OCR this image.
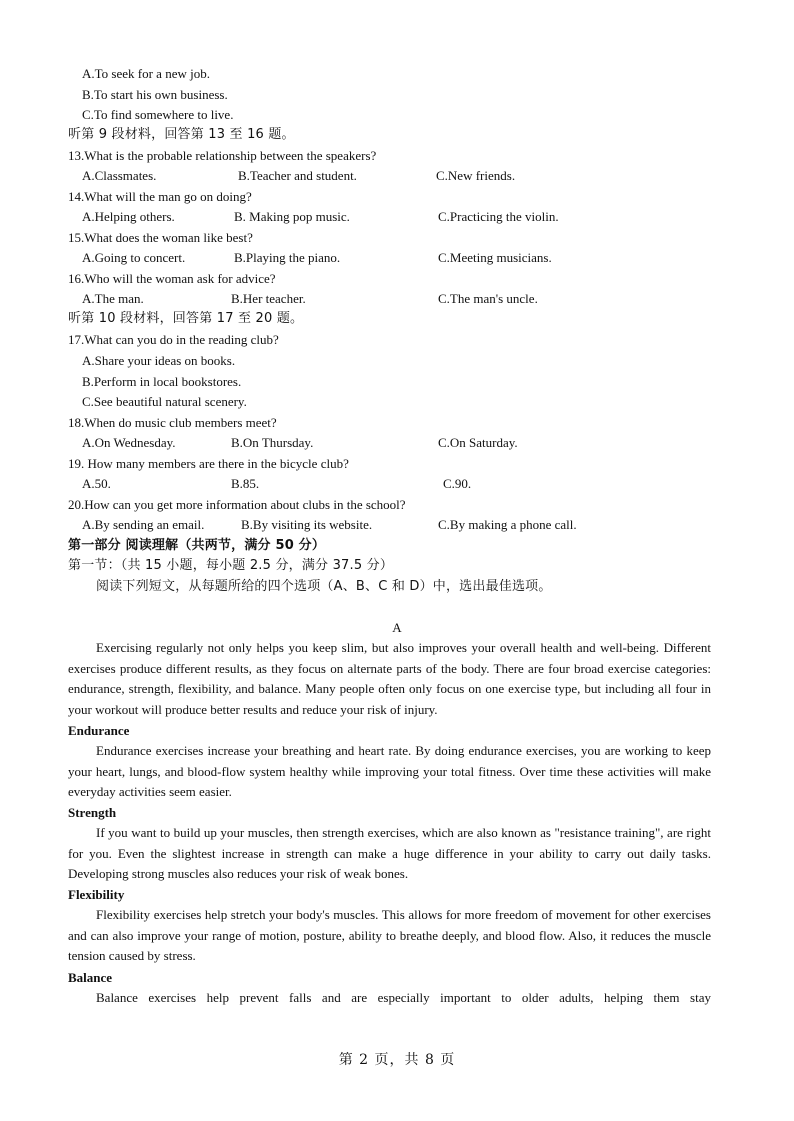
A.To seek for a new job.
B.To start his own business.
C.To find somewhere to live.
听第 9 段材料，回答第 13 至 16 题。
13.What is the probable relationship between the speakers?
A.Classmates.	B.Teacher and student.	C.New friends.
14.What will the man go on doing?
A.Helping others.	B. Making pop music.	C.Practicing the violin.
15.What does the woman like best?
A.Going to concert.	B.Playing the piano.	C.Meeting musicians.
16.Who will the woman ask for advice?
A.The man.	B.Her teacher.	C.The man's uncle.
听第 10 段材料，回答第 17 至 20 题。
17.What can you do in the reading club?
A.Share your ideas on books.
B.Perform in local bookstores.
C.See beautiful natural scenery.
18.When do music club members meet?
A.On Wednesday.	B.On Thursday.	C.On Saturday.
19. How many members are there in the bicycle club?
A.50.	B.85.	C.90.
20.How can you get more information about clubs in the school?
A.By sending an email.	B.By visiting its website.	C.By making a phone call.
第一部分 阅读理解（共两节，满分 50 分）
第一节：（共 15 小题，每小题 2.5 分，满分 37.5 分）
阅读下列短文，从每题所给的四个选项（A、B、C 和 D）中，选出最佳选项。
A
Exercising regularly not only helps you keep slim, but also improves your overall health and well-being. Different exercises produce different results, as they focus on alternate parts of the body. There are four broad exercise categories: endurance, strength, flexibility, and balance. Many people often only focus on one exercise type, but including all four in your workout will produce better results and reduce your risk of injury.
Endurance
Endurance exercises increase your breathing and heart rate. By doing endurance exercises, you are working to keep your heart, lungs, and blood-flow system healthy while improving your total fitness. Over time these activities will make everyday activities seem easier.
Strength
If you want to build up your muscles, then strength exercises, which are also known as "resistance training", are right for you. Even the slightest increase in strength can make a huge difference in your ability to carry out daily tasks. Developing strong muscles also reduces your risk of weak bones.
Flexibility
Flexibility exercises help stretch your body's muscles. This allows for more freedom of movement for other exercises and can also improve your range of motion, posture, ability to breathe deeply, and blood flow. Also, it reduces the muscle tension caused by stress.
Balance
Balance exercises help prevent falls and are especially important to older adults, helping them stay
第 2 页，共 8 页
